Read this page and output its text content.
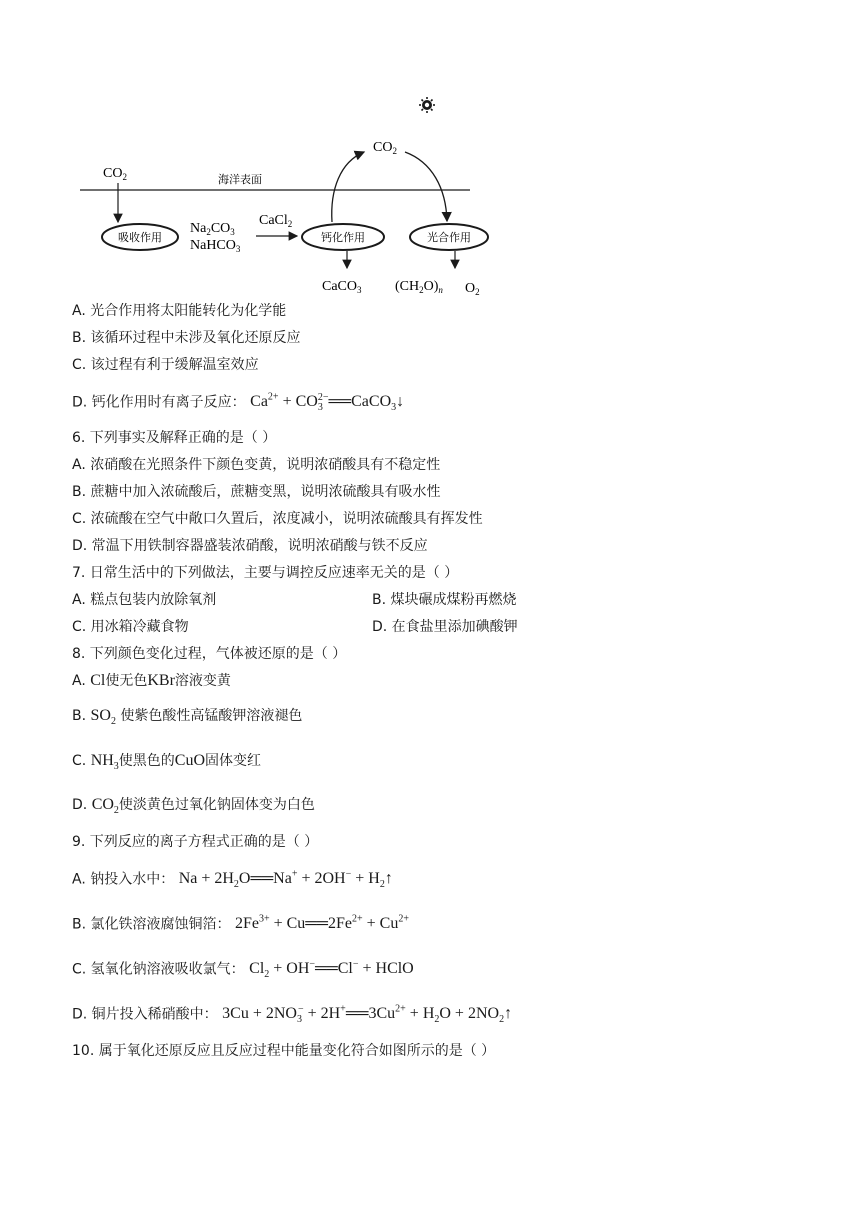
海洋表面
$CO_2$
吸收作用
$Na_2CO_3$
NaHCO$_3$
CaCl$_2$
钙化作用	光合作用
$CO_2$
CaCO$_3$ $(CH_2O)_n$ $O_2$
A. 光合作用将太阳能转化为化学能
B. 该循环过程中未涉及氧化还原反应
C. 该过程有利于缓解温室效应
D. 钙化作用时有离子反应： $Ca^{2+}$ + $CO_3^{2-}══CaCO_3↓$
6. 下列事实及解释正确的是（ ）
A. 浓硝酸在光照条件下颜色变黄，说明浓硝酸具有不稳定性
B. 蔗糖中加入浓硫酸后，蔗糖变黑，说明浓硫酸具有吸水性
C. 浓硫酸在空气中敞口久置后，浓度减小，说明浓硫酸具有挥发性
D. 常温下用铁制容器盛装浓硝酸，说明浓硝酸与铁不反应
7. 日常生活中的下列做法，主要与调控反应速率无关的是（ ）
A. 糕点包装内放除氧剂	B. 煤块碾成煤粉再燃烧
C. 用冰箱冷藏食物	D. 在食盐里添加碘酸钾
8. 下列颜色变化过程，气体被还原的是（ ）
A. Cl使无色KBr溶液变黄
B. $SO_2$ 使紫色酸性高锰酸钾溶液褪色
C. $NH_3$使黑色的CuO固体变红
D. $CO_2$使淡黄色过氧化钠固体变为白色
9. 下列反应的离子方程式正确的是（ ）
A. 钠投入水中： $Na + 2H_2O══Na^+ + 2OH^-$ + $H_2↑$
B. 氯化铁溶液腐蚀铜箔： $2Fe^{3+}$ + $Cu══2Fe^{2+} + Cu^{2+}$
C. 氢氧化钠溶液吸收氯气： $Cl_2$ + OH−══Cl− + HClO
D. 铜片投入稀硝酸中： $3Cu + 2NO_3^-$ + $2H^+══3Cu^{2+} + H_2O$ + $2NO_2↑$
10. 属于氧化还原反应且反应过程中能量变化符合如图所示的是（ ）
